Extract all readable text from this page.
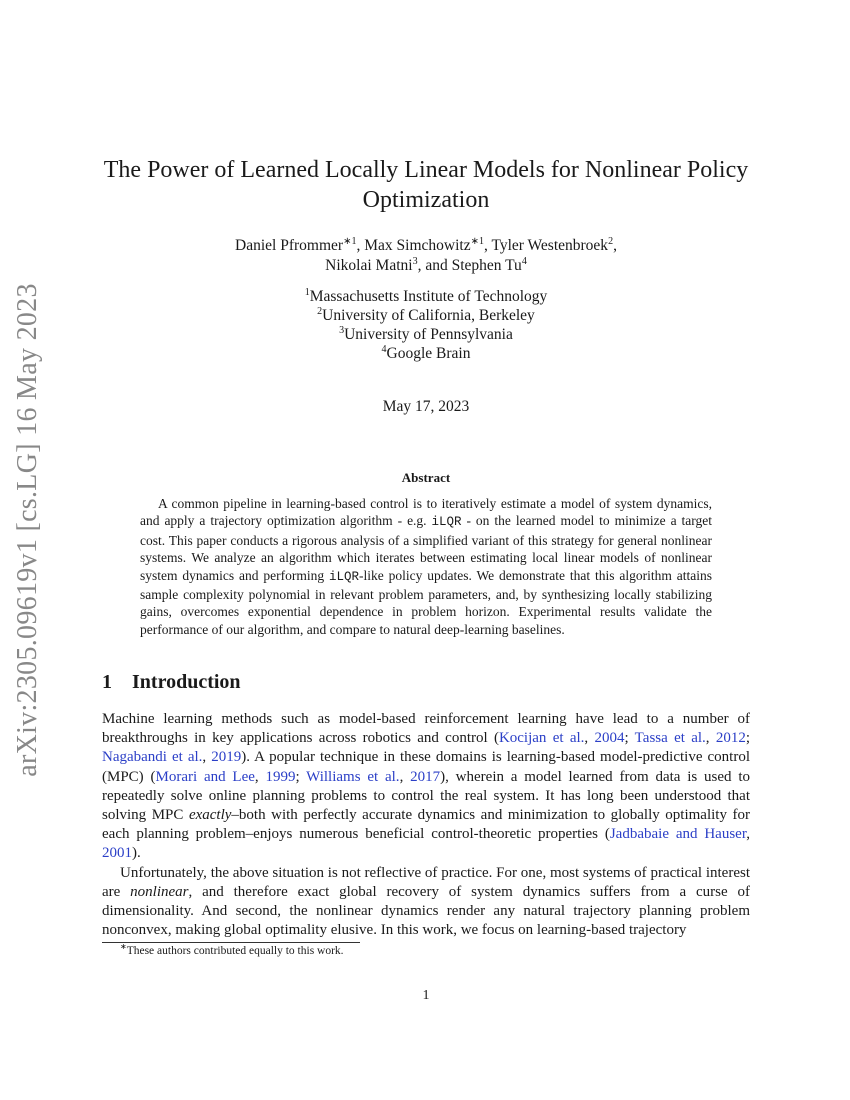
arXiv:2305.09619v1 [cs.LG] 16 May 2023
The Power of Learned Locally Linear Models for Nonlinear Policy Optimization
Daniel Pfrommer$^{∗1}$, Max Simchowitz$^{∗1}$, Tyler Westenbroek$^2$,
Nikolai Matni$^3$, and Stephen Tu$^4$
$^1$Massachusetts Institute of Technology
$^2$University of California, Berkeley
$^3$University of Pennsylvania
$^4$Google Brain
May 17, 2023
Abstract

A common pipeline in learning-based control is to iteratively estimate a model of system dynamics, and apply a trajectory optimization algorithm - e.g. iLQR - on the learned model to minimize a target cost. This paper conducts a rigorous analysis of a simplified variant of this strategy for general nonlinear systems. We analyze an algorithm which iterates between estimating local linear models of nonlinear system dynamics and performing iLQR-like policy updates. We demonstrate that this algorithm attains sample complexity polynomial in relevant problem parameters, and, by synthesizing locally stabilizing gains, overcomes exponential dependence in problem horizon. Experimental results validate the performance of our algorithm, and compare to natural deep-learning baselines.

1 Introduction

Machine learning methods such as model-based reinforcement learning have lead to a number of breakthroughs in key applications across robotics and control (Kocijan et al., 2004; Tassa et al., 2012; Nagabandi et al., 2019). A popular technique in these domains is learning-based model-predictive control (MPC) (Morari and Lee, 1999; Williams et al., 2017), wherein a model learned from data is used to repeatedly solve online planning problems to control the real system. It has long been understood that solving MPC exactly–both with perfectly accurate dynamics and minimization to globally optimality for each planning problem–enjoys numerous beneficial control-theoretic properties (Jadbabaie and Hauser, 2001).

Unfortunately, the above situation is not reflective of practice. For one, most systems of practical interest are nonlinear, and therefore exact global recovery of system dynamics suffers from a curse of dimensionality. And second, the nonlinear dynamics render any natural trajectory planning problem nonconvex, making global optimality elusive. In this work, we focus on learning-based trajectory

∗These authors contributed equally to this work.
1
